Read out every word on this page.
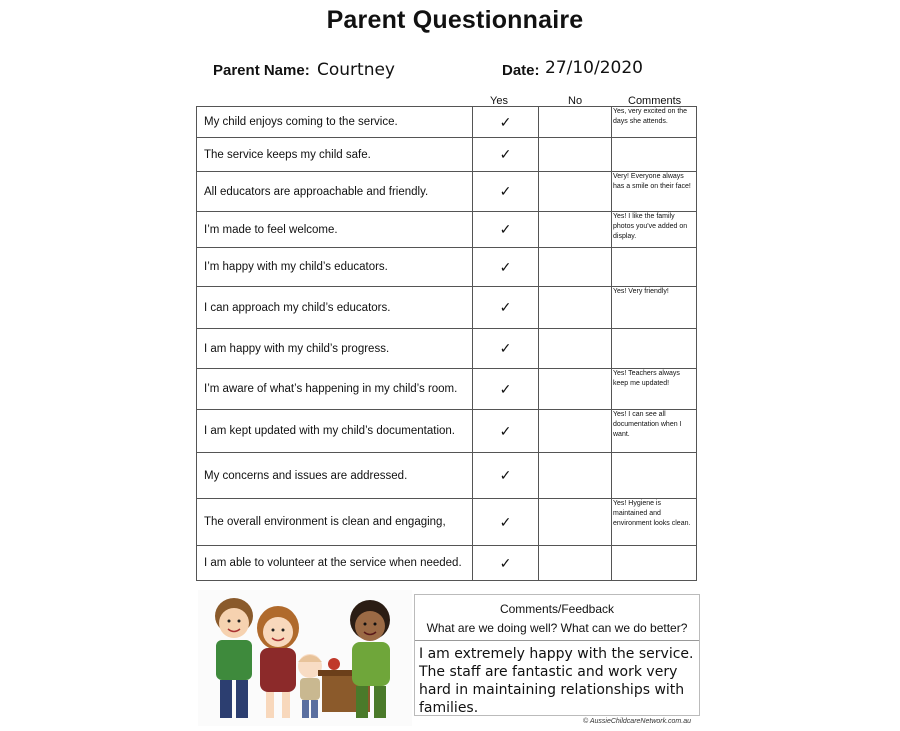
Parent Questionnaire
Parent Name: Courtney	Date: 27/10/2020
Yes	No	Comments
My child enjoys coming to the service.	✓		Yes, very excited on the days she attends.
The service keeps my child safe.	✓		
All educators are approachable and friendly.	✓		Very! Everyone always has a smile on their face!
I’m made to feel welcome.	✓		Yes! I like the family photos you've added on display.
I’m happy with my child’s educators.	✓		
I can approach my child’s educators.	✓		Yes! Very friendly!
I am happy with my child’s progress.	✓		
I’m aware of what’s happening in my child’s room.	✓		Yes! Teachers always keep me updated!
I am kept updated with my child’s documentation.	✓		Yes! I can see all documentation when I want.
My concerns and issues are addressed.	✓		
The overall environment is clean and engaging,	✓		Yes! Hygiene is maintained and environment looks clean.
I am able to volunteer at the service when needed.	✓		
Comments/Feedback
What are we doing well? What can we do better?
I am extremely happy with the service. The staff are fantastic and work very hard in maintaining relationships with families.
© AussieChildcareNetwork.com.au
